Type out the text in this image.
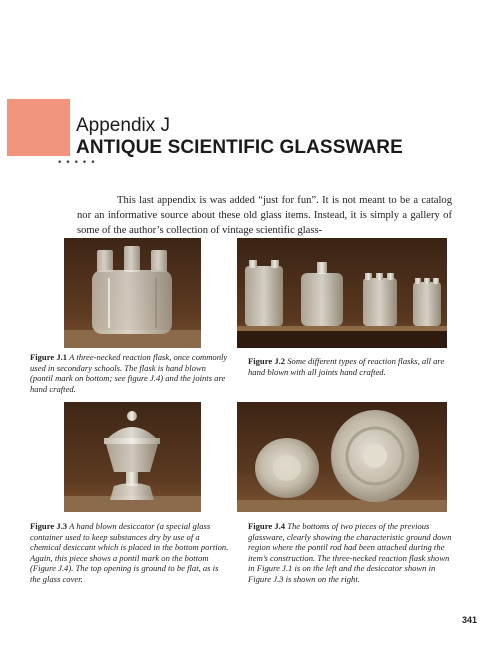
Appendix J
ANTIQUE SCIENTIFIC GLASSWARE
•••••
This last appendix is was added “just for fun”. It is not meant to be a catalog nor an informative source about these old glass items. Instead, it is simply a gallery of some of the author’s collection of vintage scientific glass-
Figure J.1 A three-necked reaction flask, once commonly used in secondary schools. The flask is hand blown (pontil mark on bottom; see figure J.4) and the joints are hand crafted.
Figure J.2 Some different types of reaction flasks, all are hand blown with all joints hand crafted.
Figure J.3 A hand blown desiccator (a special glass container used to keep substances dry by use of a chemical desiccant which is placed in the bottom portion. Again, this piece shows a pontil mark on the bottom (Figure J.4). The top opening is ground to be flat, as is the glass cover.
Figure J.4 The bottoms of two pieces of the previous glassware, clearly showing the characteristic ground down region where the pontil rod had been attached during the item’s construction. The three-necked reaction flask shown in Figure J.1 is on the left and the desiccator shown in Figure J.3 is shown on the right.
341
